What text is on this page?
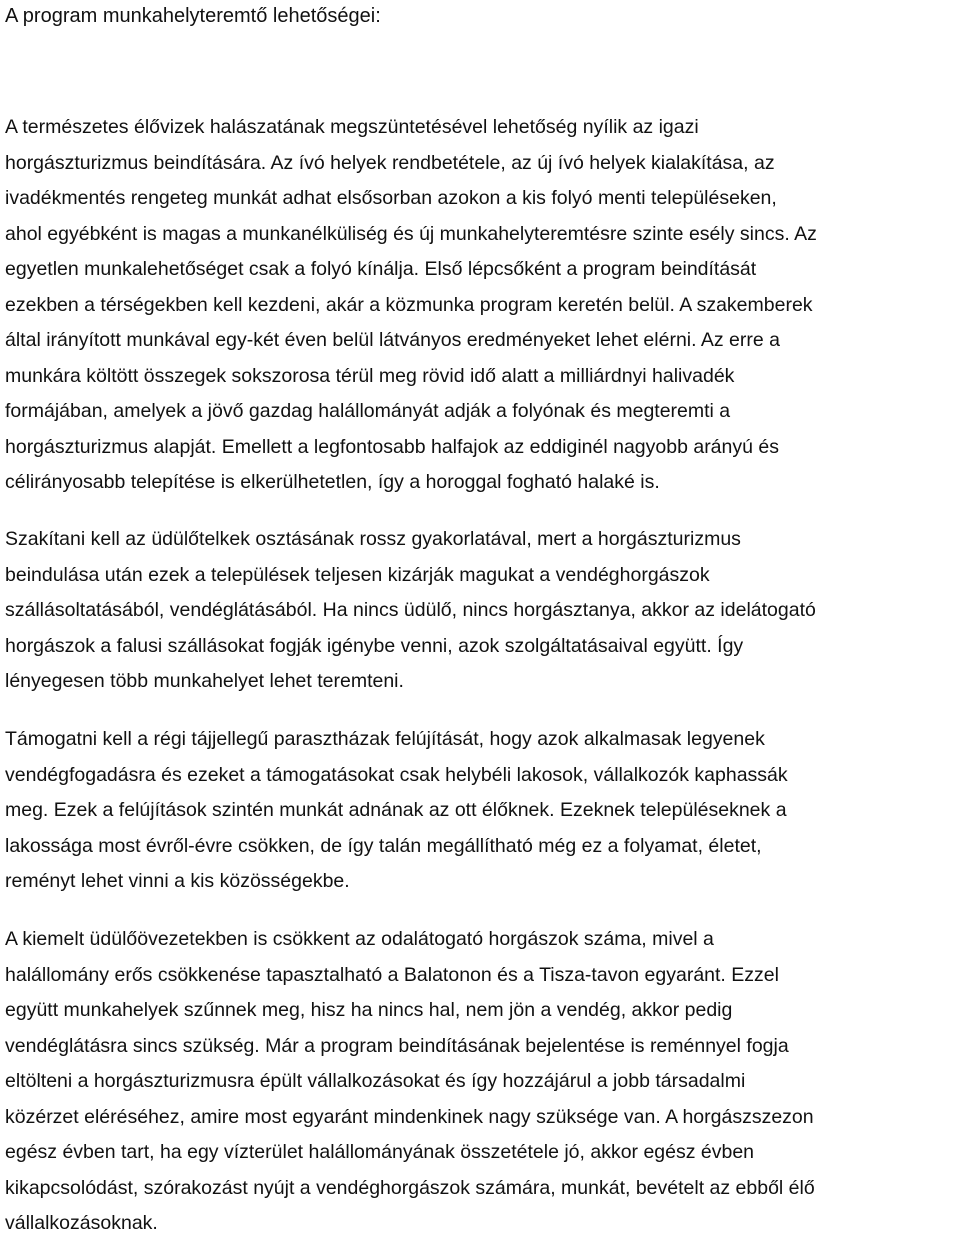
A program munkahelyteremtő lehetőségei:

A természetes élővizek halászatának megszüntetésével lehetőség nyílik az igazi
horgászturizmus beindítására. Az ívó helyek rendbetétele, az új ívó helyek kialakítása, az
ivadékmentés rengeteg munkát adhat elsősorban azokon a kis folyó menti településeken,
ahol egyébként is magas a munkanélküliség és új munkahelyteremtésre szinte esély sincs. Az
egyetlen munkalehetőséget csak a folyó kínálja. Első lépcsőként a program beindítását
ezekben a térségekben kell kezdeni, akár a közmunka program keretén belül. A szakemberek
által irányított munkával egy-két éven belül látványos eredményeket lehet elérni. Az erre a
munkára költött összegek sokszorosa térül meg rövid idő alatt a milliárdnyi halivadék
formájában, amelyek a jövő gazdag halállományát adják a folyónak és megteremti a
horgászturizmus alapját. Emellett a legfontosabb halfajok az eddiginél nagyobb arányú és
célirányosabb telepítése is elkerülhetetlen, így a horoggal fogható halaké is.

Szakítani kell az üdülőtelkek osztásának rossz gyakorlatával, mert a horgászturizmus
beindulása után ezek a települések teljesen kizárják magukat a vendéghorgászok
szállásoltatásából, vendéglátásából. Ha nincs üdülő, nincs horgásztanya, akkor az idelátogató
horgászok a falusi szállásokat fogják igénybe venni, azok szolgáltatásaival együtt. Így
lényegesen több munkahelyet lehet teremteni.

Támogatni kell a régi tájjellegű parasztházak felújítását, hogy azok alkalmasak legyenek
vendégfogadásra és ezeket a támogatásokat csak helybéli lakosok, vállalkozók kaphassák
meg. Ezek a felújítások szintén munkát adnának az ott élőknek. Ezeknek településeknek a
lakossága most évről-évre csökken, de így talán megállítható még ez a folyamat, életet,
reményt lehet vinni a kis közösségekbe.

A kiemelt üdülőövezetekben is csökkent az odalátogató horgászok száma, mivel a
halállomány erős csökkenése tapasztalható a Balatonon és a Tisza-tavon egyaránt. Ezzel
együtt munkahelyek szűnnek meg, hisz ha nincs hal, nem jön a vendég, akkor pedig
vendéglátásra sincs szükség. Már a program beindításának bejelentése is reménnyel fogja
eltölteni a horgászturizmusra épült vállalkozásokat és így hozzájárul a jobb társadalmi
közérzet eléréséhez, amire most egyaránt mindenkinek nagy szüksége van. A horgászszezon
egész évben tart, ha egy vízterület halállományának összetétele jó, akkor egész évben
kikapcsolódást, szórakozást nyújt a vendéghorgászok számára, munkát, bevételt az ebből élő
vállalkozásoknak.
